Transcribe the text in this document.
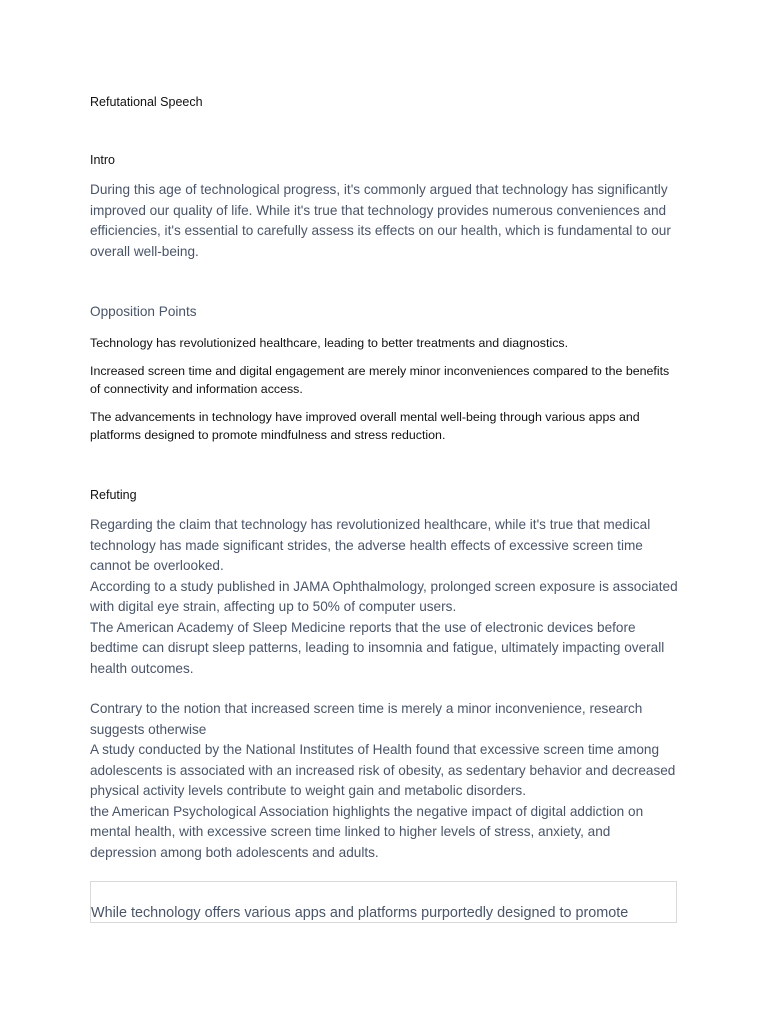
Refutational Speech
Intro

During this age of technological progress, it's commonly argued that technology has significantly improved our quality of life. While it's true that technology provides numerous conveniences and efficiencies, it's essential to carefully assess its effects on our health, which is fundamental to our overall well-being.

Opposition Points

Technology has revolutionized healthcare, leading to better treatments and diagnostics.

Increased screen time and digital engagement are merely minor inconveniences compared to the benefits of connectivity and information access.

The advancements in technology have improved overall mental well-being through various apps and platforms designed to promote mindfulness and stress reduction.

Refuting
Regarding the claim that technology has revolutionized healthcare, while it's true that medical technology has made significant strides, the adverse health effects of excessive screen time cannot be overlooked.
According to a study published in JAMA Ophthalmology, prolonged screen exposure is associated with digital eye strain, affecting up to 50% of computer users.
The American Academy of Sleep Medicine reports that the use of electronic devices before bedtime can disrupt sleep patterns, leading to insomnia and fatigue, ultimately impacting overall health outcomes.
Contrary to the notion that increased screen time is merely a minor inconvenience, research suggests otherwise
A study conducted by the National Institutes of Health found that excessive screen time among adolescents is associated with an increased risk of obesity, as sedentary behavior and decreased physical activity levels contribute to weight gain and metabolic disorders.
the American Psychological Association highlights the negative impact of digital addiction on mental health, with excessive screen time linked to higher levels of stress, anxiety, and depression among both adolescents and adults.
While technology offers various apps and platforms purportedly designed to promote
